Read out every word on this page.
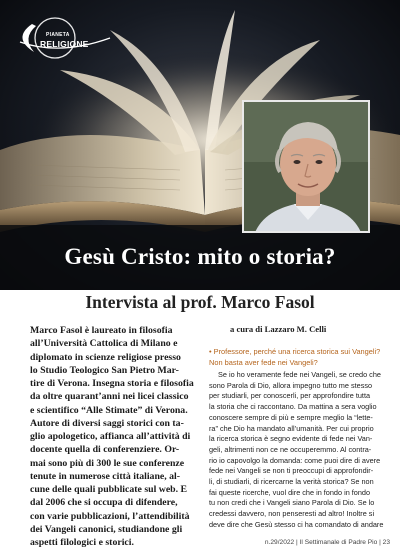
PIANETA
RELIGIONE
Gesù Cristo: mito o storia?
Intervista al prof. Marco Fasol
Marco Fasol è laureato in filosofia
all’Università Cattolica di Milano e
diplomato in scienze religiose presso
lo Studio Teologico San Pietro Mar-
tire di Verona. Insegna storia e filosofia
da oltre quarant’anni nei licei classico
e scientifico “Alle Stimate” di Verona.
Autore di diversi saggi storici con ta-
glio apologetico, affianca all’attività di
docente quella di conferenziere. Or-
mai sono più di 300 le sue conferenze
tenute in numerose città italiane, al-
cune delle quali pubblicate sul web. E
dal 2006 che si occupa di difendere,
con varie pubblicazioni, l’attendibilità
dei Vangeli canonici, studiandone gli
aspetti filologici e storici.
a cura di Lazzaro M. Celli
• Professore, perché una ricerca storica sui Vangeli?
Non basta aver fede nei Vangeli?
Se io ho veramente fede nei Vangeli, se credo che
sono Parola di Dio, allora impegno tutto me stesso
per studiarli, per conoscerli, per approfondire tutta
la storia che ci raccontano. Da mattina a sera voglio
conoscere sempre di più e sempre meglio la “lette-
ra” che Dio ha mandato all’umanità. Per cui proprio
la ricerca storica è segno evidente di fede nei Van-
geli, altrimenti non ce ne occuperemmo. Al contra-
rio io capovolgo la domanda: come puoi dire di avere
fede nei Vangeli se non ti preoccupi di approfondir-
li, di studiarli, di ricercarne la verità storica? Se non
fai queste ricerche, vuol dire che in fondo in fondo
tu non credi che i Vangeli siano Parola di Dio. Se lo
credessi davvero, non penseresti ad altro! Inoltre si
deve dire che Gesù stesso ci ha comandato di andare
n.29/2022 | Il Settimanale di Padre Pio | 23
